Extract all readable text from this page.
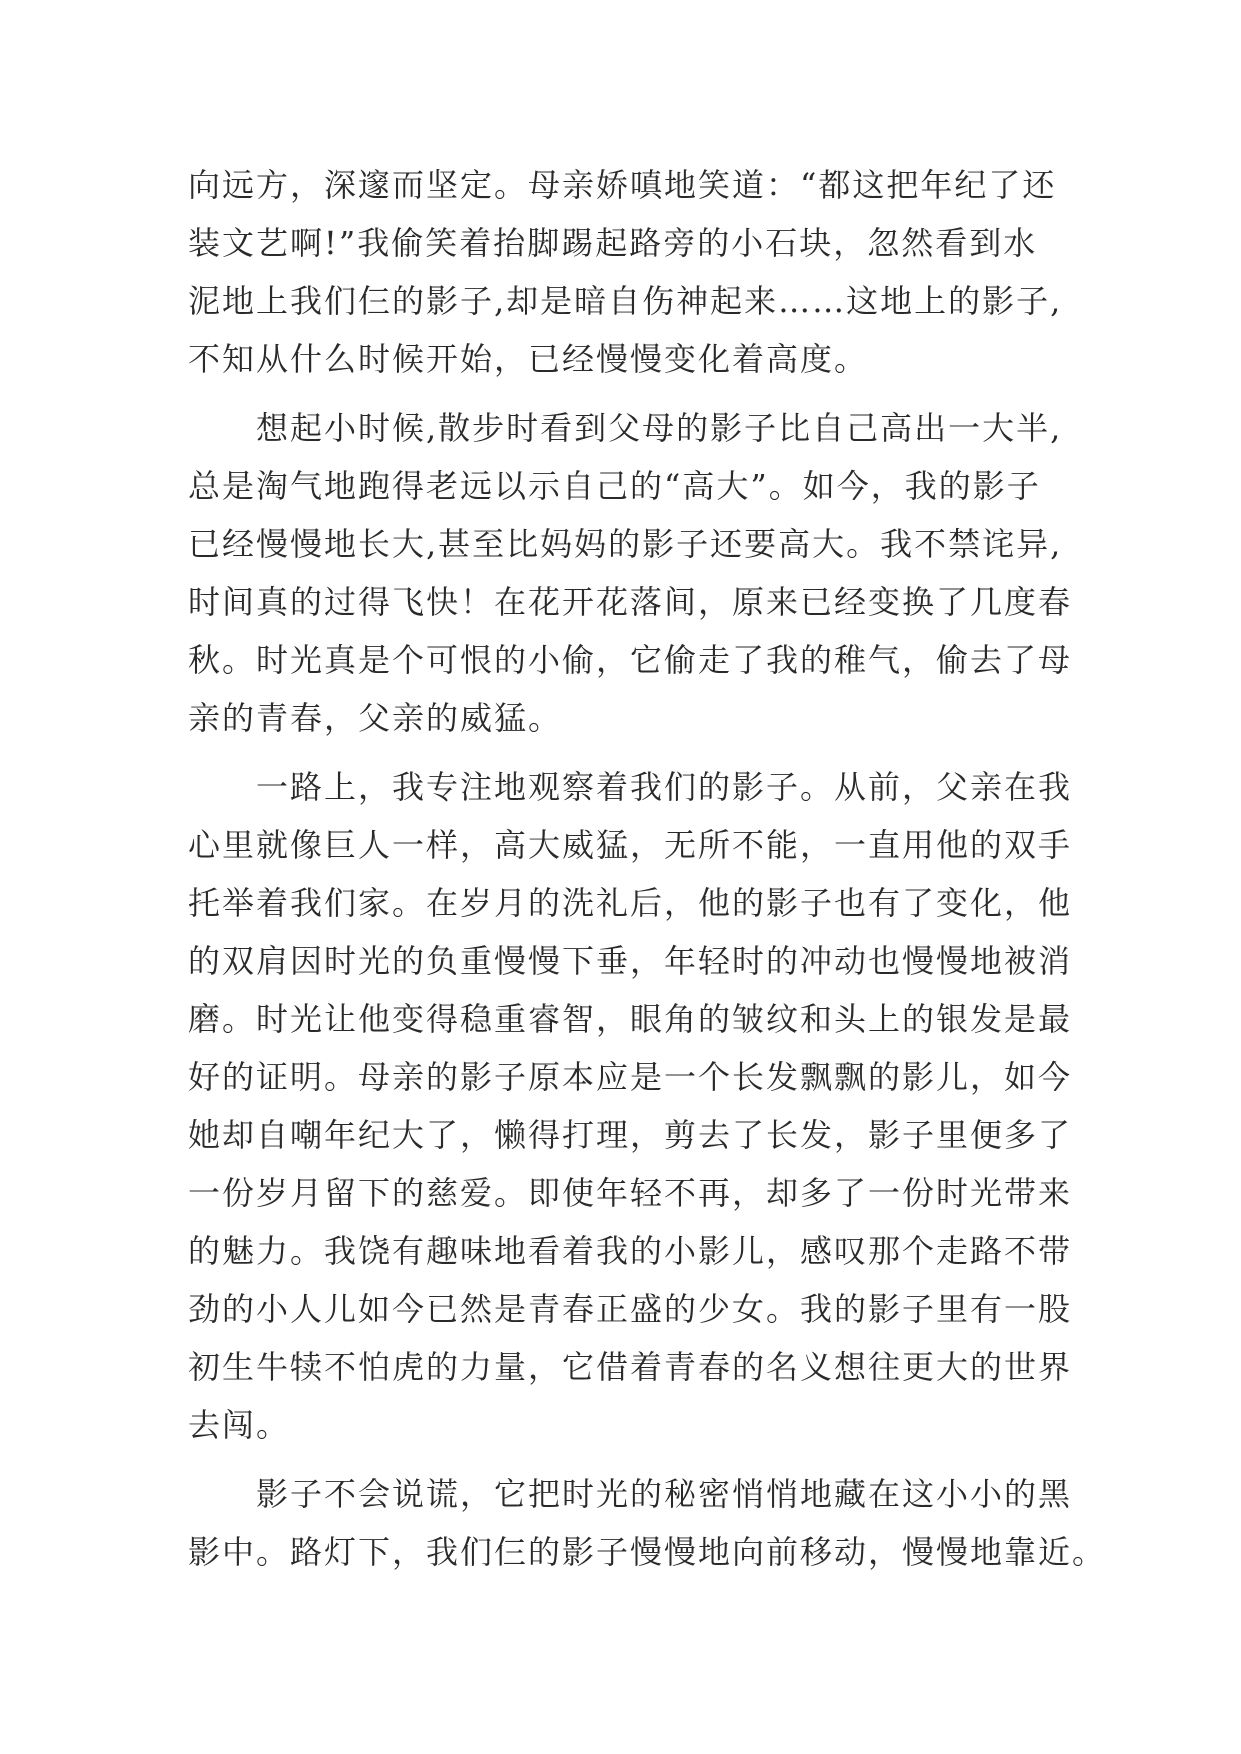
向远方，深邃而坚定。母亲娇嗔地笑道：“都这把年纪了还
装文艺啊!”我偷笑着抬脚踢起路旁的小石块，忽然看到水
泥地上我们仨的影子,却是暗自伤神起来……这地上的影子,
不知从什么时候开始，已经慢慢变化着高度。
　　想起小时候,散步时看到父母的影子比自己高出一大半,
总是淘气地跑得老远以示自己的“高大”。如今，我的影子
已经慢慢地长大,甚至比妈妈的影子还要高大。我不禁诧异,
时间真的过得飞快！在花开花落间，原来已经变换了几度春
秋。时光真是个可恨的小偷，它偷走了我的稚气，偷去了母
亲的青春，父亲的威猛。
　　一路上，我专注地观察着我们的影子。从前，父亲在我
心里就像巨人一样，高大威猛，无所不能，一直用他的双手
托举着我们家。在岁月的洗礼后，他的影子也有了变化，他
的双肩因时光的负重慢慢下垂，年轻时的冲动也慢慢地被消
磨。时光让他变得稳重睿智，眼角的皱纹和头上的银发是最
好的证明。母亲的影子原本应是一个长发飘飘的影儿，如今
她却自嘲年纪大了，懒得打理，剪去了长发，影子里便多了
一份岁月留下的慈爱。即使年轻不再，却多了一份时光带来
的魅力。我饶有趣味地看着我的小影儿，感叹那个走路不带
劲的小人儿如今已然是青春正盛的少女。我的影子里有一股
初生牛犊不怕虎的力量，它借着青春的名义想往更大的世界
去闯。
　　影子不会说谎，它把时光的秘密悄悄地藏在这小小的黑
影中。路灯下，我们仨的影子慢慢地向前移动，慢慢地靠近。
